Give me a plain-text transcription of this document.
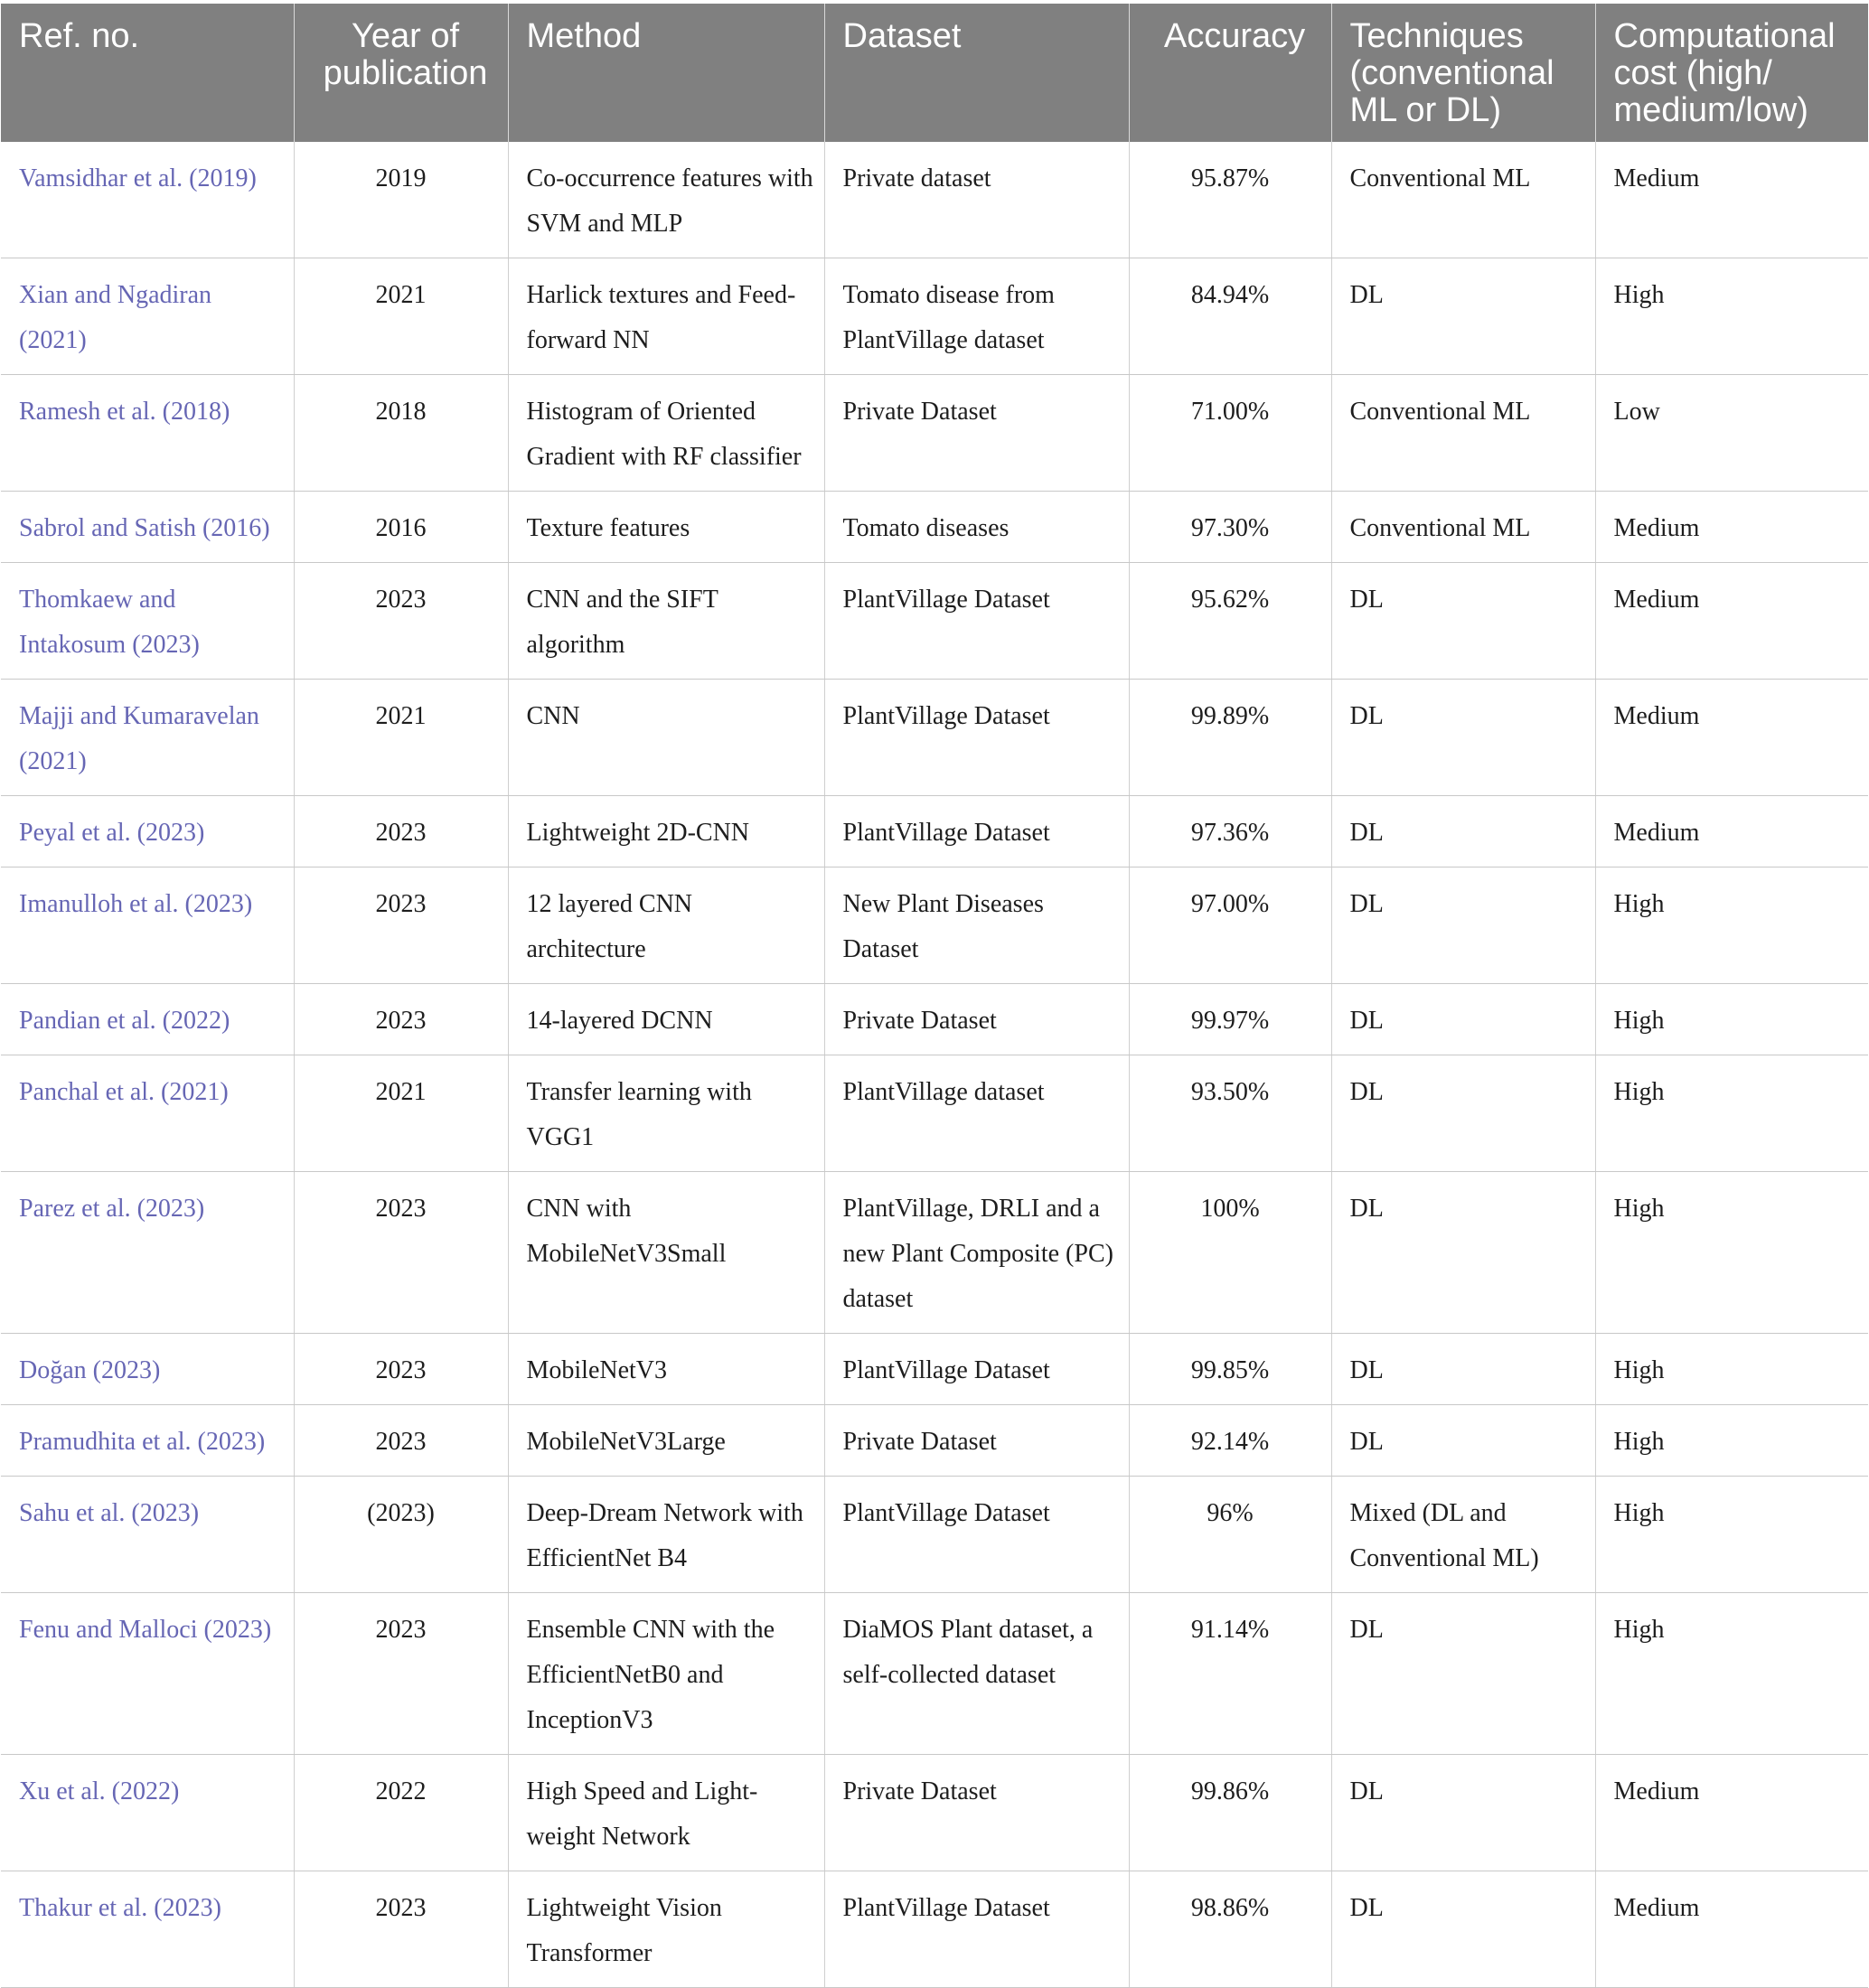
Ref. no.	Year of publication	Method	Dataset	Accuracy	Techniques (conventional ML or DL)	Computational cost (high/ medium/low)
Vamsidhar et al. (2019)	2019	Co-occurrence features with SVM and MLP	Private dataset	95.87%	Conventional ML	Medium
Xian and Ngadiran (2021)	2021	Harlick textures and Feed-forward NN	Tomato disease from PlantVillage dataset	84.94%	DL	High
Ramesh et al. (2018)	2018	Histogram of Oriented Gradient with RF classifier	Private Dataset	71.00%	Conventional ML	Low
Sabrol and Satish (2016)	2016	Texture features	Tomato diseases	97.30%	Conventional ML	Medium
Thomkaew and Intakosum (2023)	2023	CNN and the SIFT algorithm	PlantVillage Dataset	95.62%	DL	Medium
Majji and Kumaravelan (2021)	2021	CNN	PlantVillage Dataset	99.89%	DL	Medium
Peyal et al. (2023)	2023	Lightweight 2D-CNN	PlantVillage Dataset	97.36%	DL	Medium
Imanulloh et al. (2023)	2023	12 layered CNN architecture	New Plant Diseases Dataset	97.00%	DL	High
Pandian et al. (2022)	2023	14-layered DCNN	Private Dataset	99.97%	DL	High
Panchal et al. (2021)	2021	Transfer learning with VGG1	PlantVillage dataset	93.50%	DL	High
Parez et al. (2023)	2023	CNN with MobileNetV3Small	PlantVillage, DRLI and a new Plant Composite (PC) dataset	100%	DL	High
Doğan (2023)	2023	MobileNetV3	PlantVillage Dataset	99.85%	DL	High
Pramudhita et al. (2023)	2023	MobileNetV3Large	Private Dataset	92.14%	DL	High
Sahu et al. (2023)	(2023)	Deep-Dream Network with EfficientNet B4	PlantVillage Dataset	96%	Mixed (DL and Conventional ML)	High
Fenu and Malloci (2023)	2023	Ensemble CNN with the EfficientNetB0 and InceptionV3	DiaMOS Plant dataset, a self-collected dataset	91.14%	DL	High
Xu et al. (2022)	2022	High Speed and Light-weight Network	Private Dataset	99.86%	DL	Medium
Thakur et al. (2023)	2023	Lightweight Vision Transformer	PlantVillage Dataset	98.86%	DL	Medium
